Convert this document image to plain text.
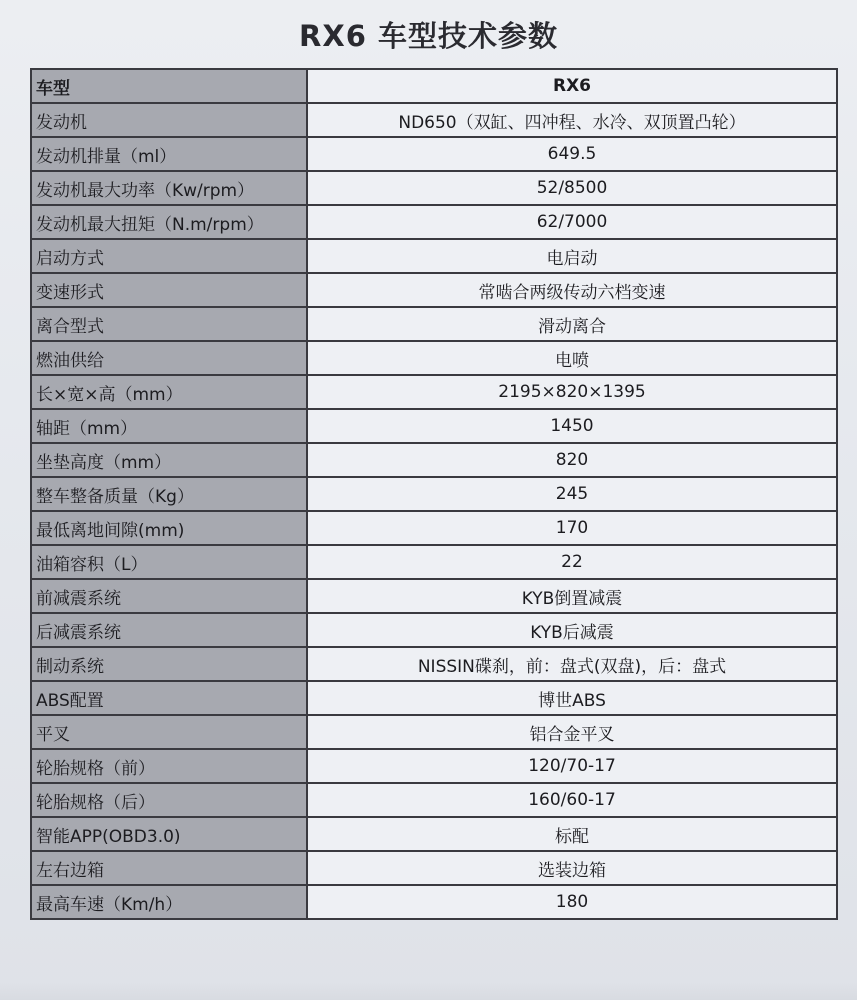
RX6 车型技术参数
车型	RX6
发动机	ND650（双缸、四冲程、水冷、双顶置凸轮）
发动机排量（ml）	649.5
发动机最大功率（Kw/rpm）	52/8500
发动机最大扭矩（N.m/rpm）	62/7000
启动方式	电启动
变速形式	常啮合两级传动六档变速
离合型式	滑动离合
燃油供给	电喷
长×宽×高（mm）	2195×820×1395
轴距（mm）	1450
坐垫高度（mm）	820
整车整备质量（Kg）	245
最低离地间隙(mm)	170
油箱容积（L）	22
前减震系统	KYB倒置减震
后减震系统	KYB后减震
制动系统	NISSIN碟刹，前：盘式(双盘)，后：盘式
ABS配置	博世ABS
平叉	铝合金平叉
轮胎规格（前）	120/70-17
轮胎规格（后）	160/60-17
智能APP(OBD3.0)	标配
左右边箱	选装边箱
最高车速（Km/h）	180
